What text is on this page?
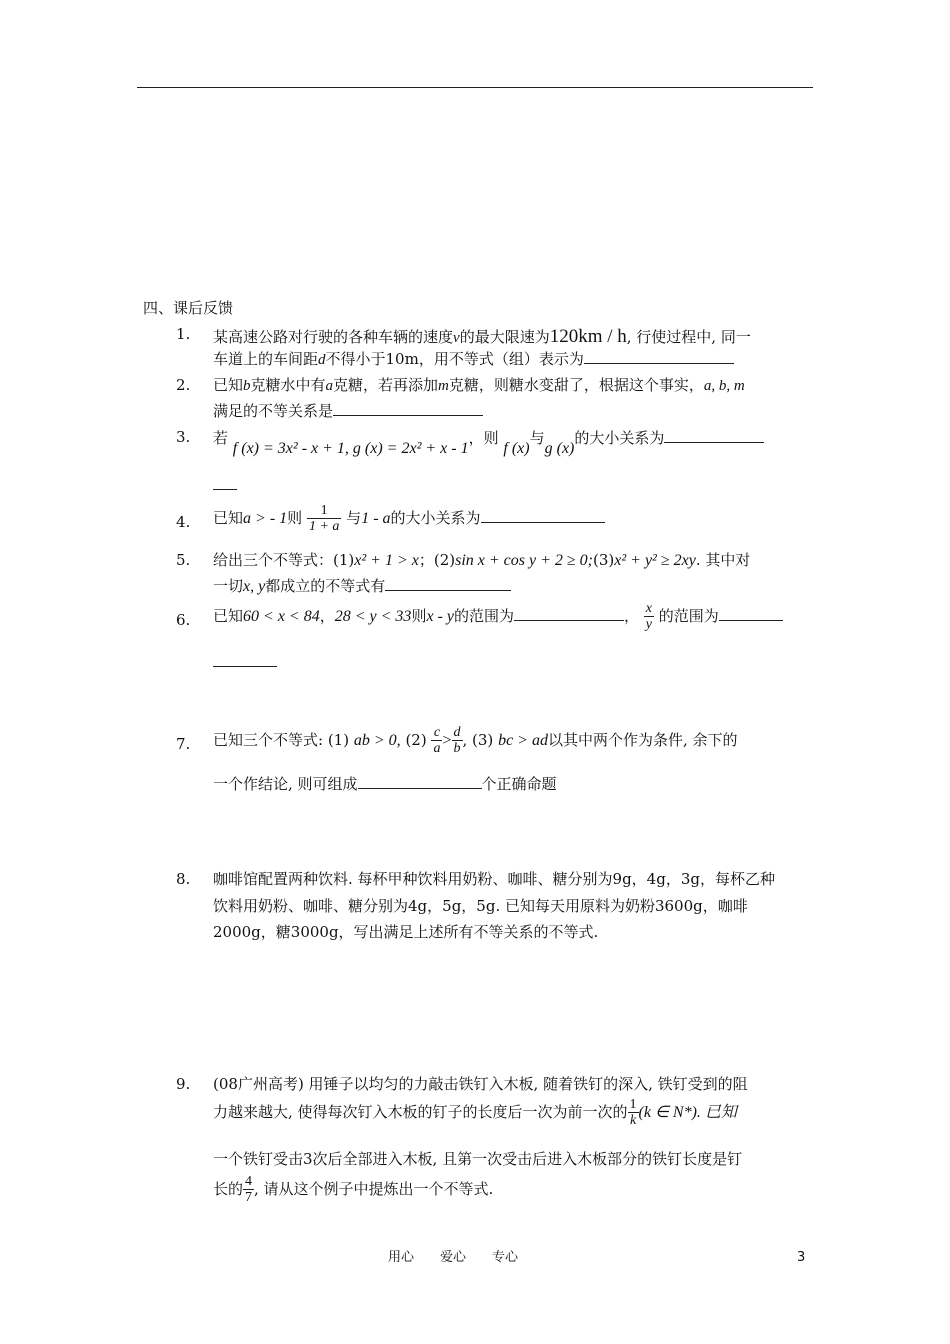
四、课后反馈
1. 某高速公路对行驶的各种车辆的速度v的最大限速为120km / h, 行使过程中, 同一
车道上的车间距d不得小于10m，用不等式（组）表示为
2. 已知b克糖水中有a克糖，若再添加m克糖，则糖水变甜了，根据这个事实，a, b, m
满足的不等关系是
3. 若 f (x) = 3x² - x + 1, g (x) = 2x² + x - 1，则 f (x)与g (x)的大小关系为
4. 已知a > - 1则 $\frac{1}{1 + a}$ 与1 - a的大小关系为
5. 给出三个不等式：(1)x² + 1 > x；(2)sin x + cos y + 2 ≥ 0;(3)x² + y² ≥ 2xy. 其中对
一切x, y都成立的不等式有
6. 已知60 < x < 84，28 < y < 33则x - y的范围为	， $\frac{x}{y}$ 的范围为
7. 已知三个不等式: (1) ab > 0, $(2) \frac{c}{a} > \frac{d}{b}$ , (3) bc > ad以其中两个作为条件, 余下的
一个作结论, 则可组成	个正确命题
8. 咖啡馆配置两种饮料. 每杯甲种饮料用奶粉、咖啡、糖分别为9g，4g，3g，每杯乙种
饮料用奶粉、咖啡、糖分别为4g，5g，5g. 已知每天用原料为奶粉3600g，咖啡
2000g，糖3000g，写出满足上述所有不等关系的不等式.
9. (08广州高考) 用锤子以均匀的力敲击铁钉入木板, 随着铁钉的深入, 铁钉受到的阻
力越来越大, 使得每次钉入木板的钉子的长度后一次为前一次的 $\frac{1}{k} (k$ ∈ N*). 已知
一个铁钉受击3次后全部进入木板, 且第一次受击后进入木板部分的铁钉长度是钉
长的 $\frac{4}{7}$ , 请从这个例子中提炼出一个不等式.
用心　　爱心　　专心	3
